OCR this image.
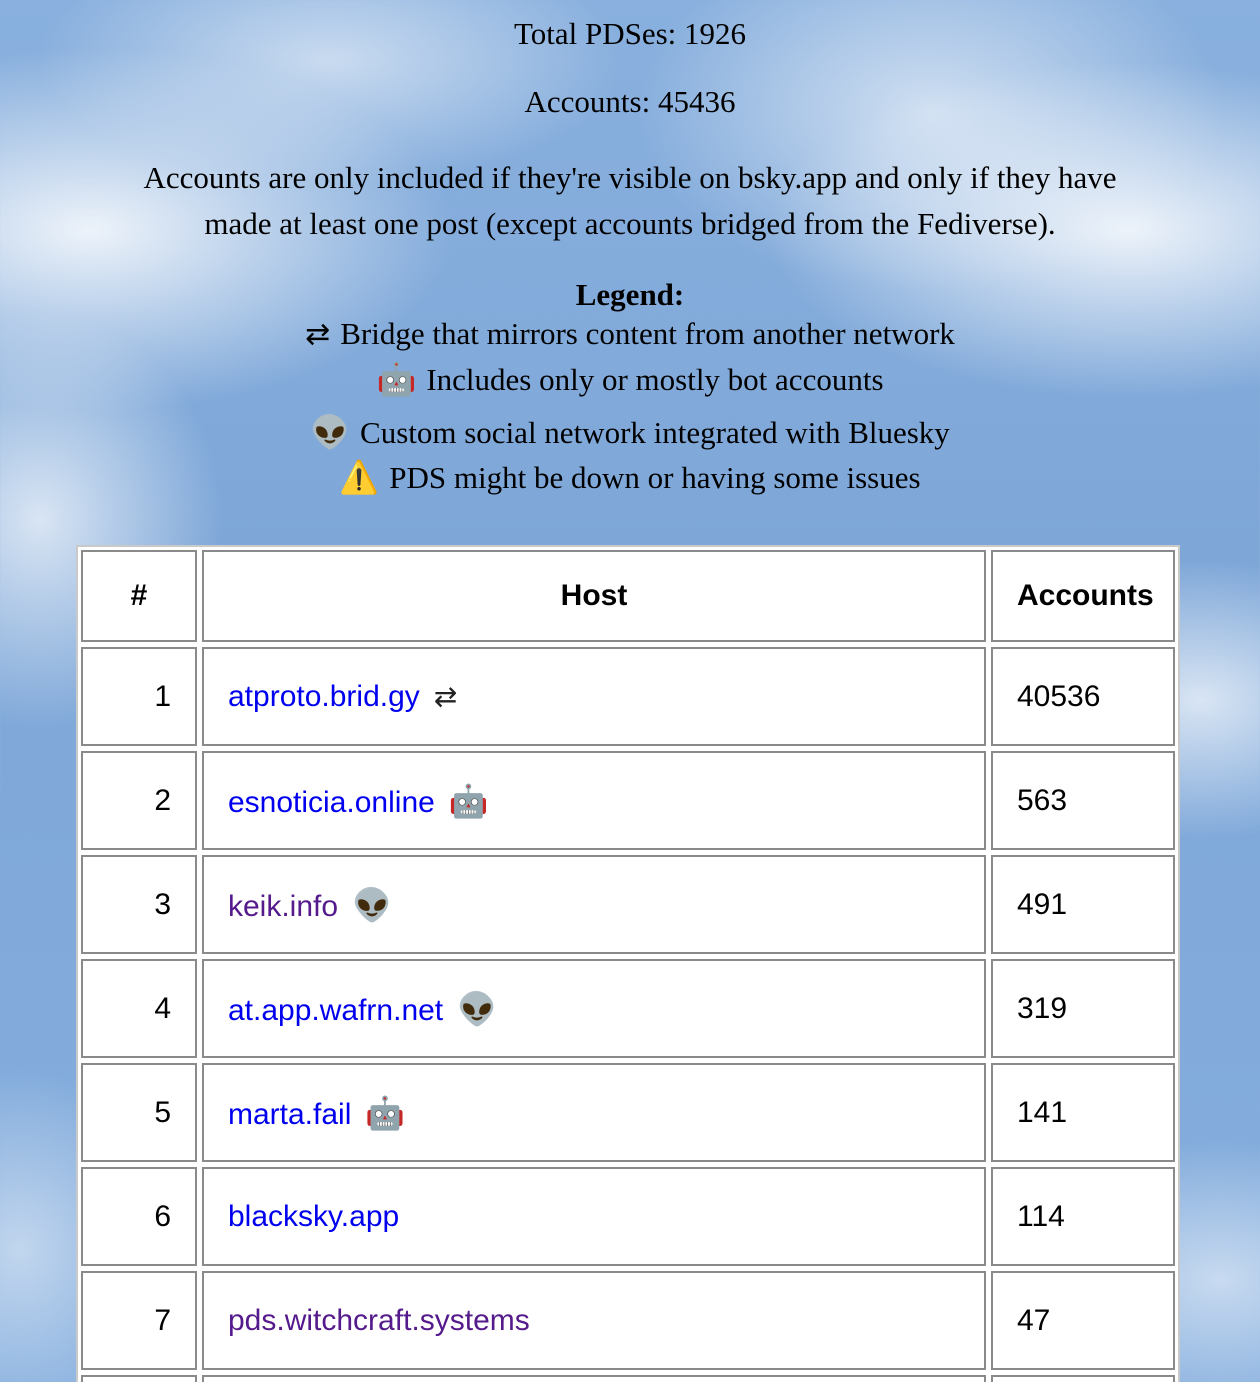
Total PDSes: 1926
Accounts: 45436
Accounts are only included if they're visible on bsky.app and only if they have made at least one post (except accounts bridged from the Fediverse).
Legend:
⇄ Bridge that mirrors content from another network
🤖 Includes only or mostly bot accounts
👽 Custom social network integrated with Bluesky
⚠️ PDS might be down or having some issues
#	Host	Accounts
1	atproto.brid.gy ⇄	40536
2	esnoticia.online 🤖	563
3	keik.info 👽	491
4	at.app.wafrn.net 👽	319
5	marta.fail 🤖	141
6	blacksky.app	114
7	pds.witchcraft.systems	47
